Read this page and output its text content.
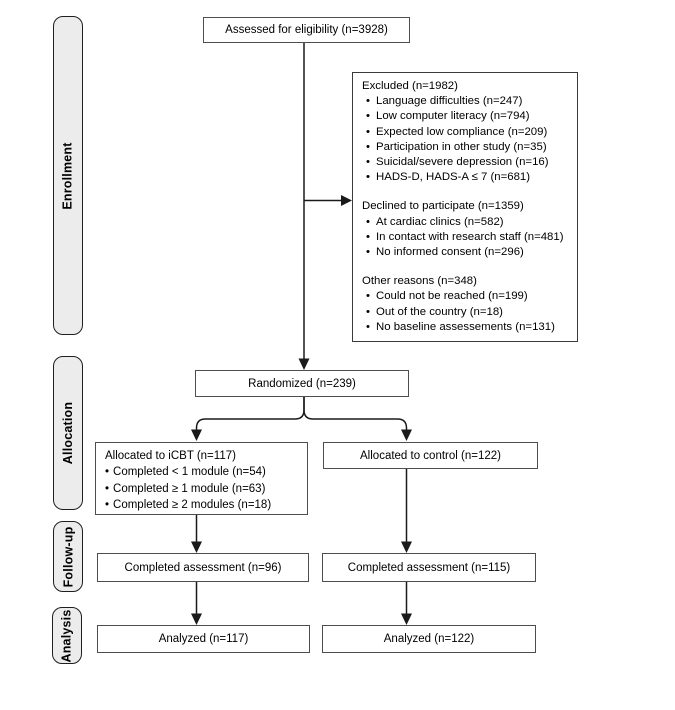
Enrollment
Allocation
Follow-up
Analysis
Assessed for eligibility (n=3928)
Excluded (n=1982)
• Language difficulties (n=247)
• Low computer literacy (n=794)
• Expected low compliance (n=209)
• Participation in other study (n=35)
• Suicidal/severe depression (n=16)
• HADS-D, HADS-A ≤ 7 (n=681)
Declined to participate (n=1359)
• At cardiac clinics (n=582)
• In contact with research staff (n=481)
• No informed consent (n=296)
Other reasons (n=348)
• Could not be reached (n=199)
• Out of the country (n=18)
• No baseline assessements (n=131)
Randomized (n=239)
Allocated to iCBT (n=117)
• Completed < 1 module (n=54)
• Completed ≥ 1 module (n=63)
• Completed ≥ 2 modules (n=18)
Allocated to control (n=122)
Completed assessment (n=96)	Completed assessment (n=115)
Analyzed (n=117)	Analyzed (n=122)
